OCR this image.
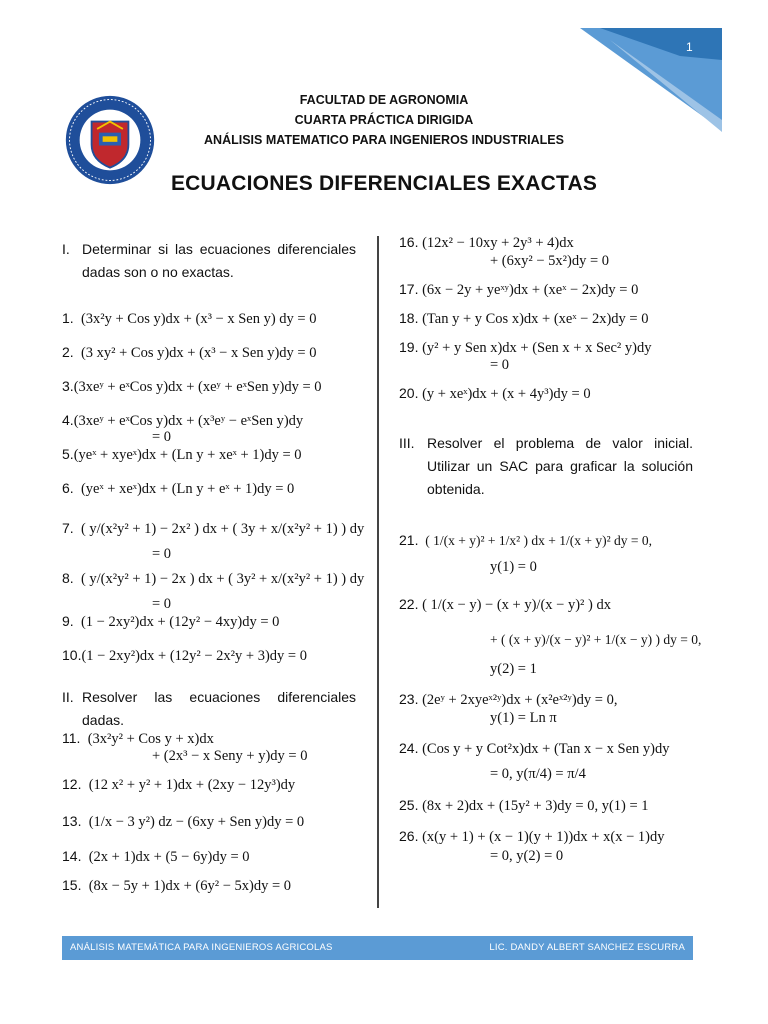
1
FACULTAD DE AGRONOMIA
CUARTA PRÁCTICA DIRIGIDA
ANÁLISIS MATEMATICO PARA INGENIEROS INDUSTRIALES
ECUACIONES DIFERENCIALES EXACTAS
I. Determinar si las ecuaciones diferenciales dadas son o no exactas.
1. (3x²y + Cos y)dx + (x³ − x Sen y) dy = 0
2. (3 xy² + Cos y)dx + (x³ − x Sen y)dy = 0
3.(3xeʸ + eˣCos y)dx + (xeʸ + eˣSen y)dy = 0
4.(3xeʸ + eˣCos y)dx + (x³eʸ − eˣSen y)dy
= 0
5.(yeˣ + xyeˣ)dx + (Ln y + xeˣ + 1)dy = 0
6. (yeˣ + xeˣ)dx + (Ln y + eˣ + 1)dy = 0
7. ( y/(x²y² + 1) − 2x² ) dx + ( 3y + x/(x²y² + 1) ) dy
= 0
8. ( y/(x²y² + 1) − 2x ) dx + ( 3y² + x/(x²y² + 1) ) dy
= 0
9. (1 − 2xy²)dx + (12y² − 4xy)dy = 0
10.(1 − 2xy²)dx + (12y² − 2x²y + 3)dy = 0
II. Resolver las ecuaciones diferenciales dadas.
11. (3x²y² + Cos y + x)dx
+ (2x³ − x Seny + y)dy = 0
12. (12 x² + y² + 1)dx + (2xy − 12y³)dy
13. (1/x − 3 y²) dz − (6xy + Sen y)dy = 0
14. (2x + 1)dx + (5 − 6y)dy = 0
15. (8x − 5y + 1)dx + (6y² − 5x)dy = 0
16. (12x² − 10xy + 2y³ + 4)dx
+ (6xy² − 5x²)dy = 0
17. (6x − 2y + yeˣʸ)dx + (xeˣ − 2x)dy = 0
18. (Tan y + y Cos x)dx + (xeˣ − 2x)dy = 0
19. (y² + y Sen x)dx + (Sen x + x Sec² y)dy
= 0
20. (y + xeˣ)dx + (x + 4y³)dy = 0
III. Resolver el problema de valor inicial. Utilizar un SAC para graficar la solución obtenida.
21. ( 1/(x + y)² + 1/x² ) dx + 1/(x + y)² dy = 0,
y(1) = 0
22. ( 1/(x − y) − (x + y)/(x − y)² ) dx
+ ( (x + y)/(x − y)² + 1/(x − y) ) dy = 0,
y(2) = 1
23. (2eʸ + 2xyeˣ²ʸ)dx + (x²eˣ²ʸ)dy = 0,
y(1) = Ln π
24. (Cos y + y Cot²x)dx + (Tan x − x Sen y)dy
= 0, y(π/4) = π/4
25. (8x + 2)dx + (15y² + 3)dy = 0, y(1) = 1
26. (x(y + 1) + (x − 1)(y + 1))dx + x(x − 1)dy
= 0, y(2) = 0
ANÁLISIS MATEMÁTICA PARA INGENIEROS AGRICOLAS	LIC. DANDY ALBERT SANCHEZ ESCURRA
